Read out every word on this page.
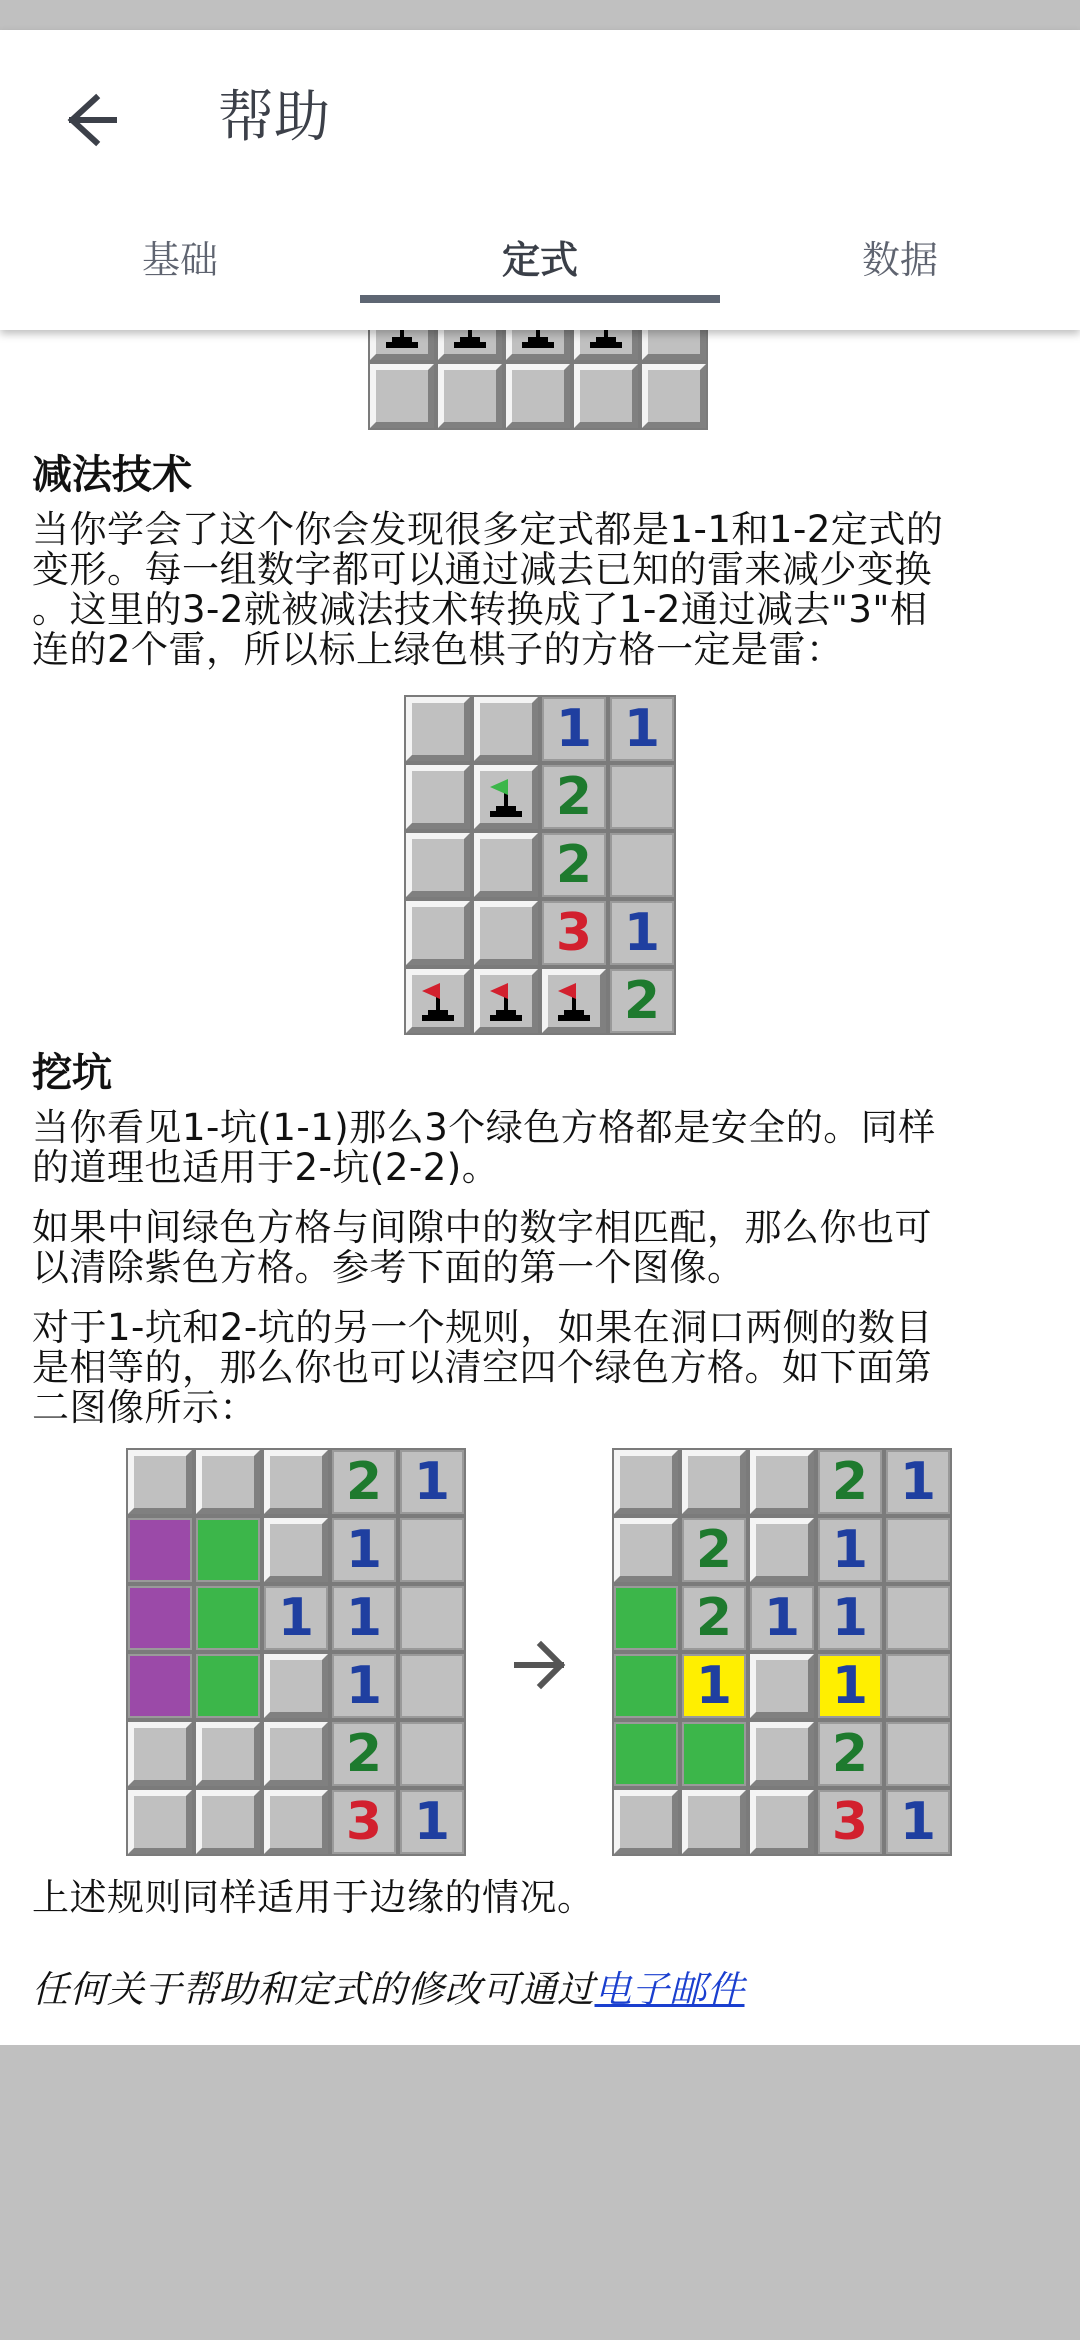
帮助
基础	定式	数据
减法技术
当你学会了这个你会发现很多定式都是1-1和1-2定式的
变形。每一组数字都可以通过减去已知的雷来减少变换
。这里的3-2就被减法技术转换成了1-2通过减去"3"相
连的2个雷，所以标上绿色棋子的方格一定是雷：
1 1
2
2
3 1
2
挖坑
当你看见1-坑(1-1)那么3个绿色方格都是安全的。同样
的道理也适用于2-坑(2-2)。
如果中间绿色方格与间隙中的数字相匹配，那么你也可
以清除紫色方格。参考下面的第一个图像。
对于1-坑和2-坑的另一个规则，如果在洞口两侧的数目
是相等的，那么你也可以清空四个绿色方格。如下面第
二图像所示：
2 1
1
1 1
1
2
3 1
2 1
2 1
2 1 1
1 1
2
3 1
上述规则同样适用于边缘的情况。

任何关于帮助和定式的修改可通过电子邮件
